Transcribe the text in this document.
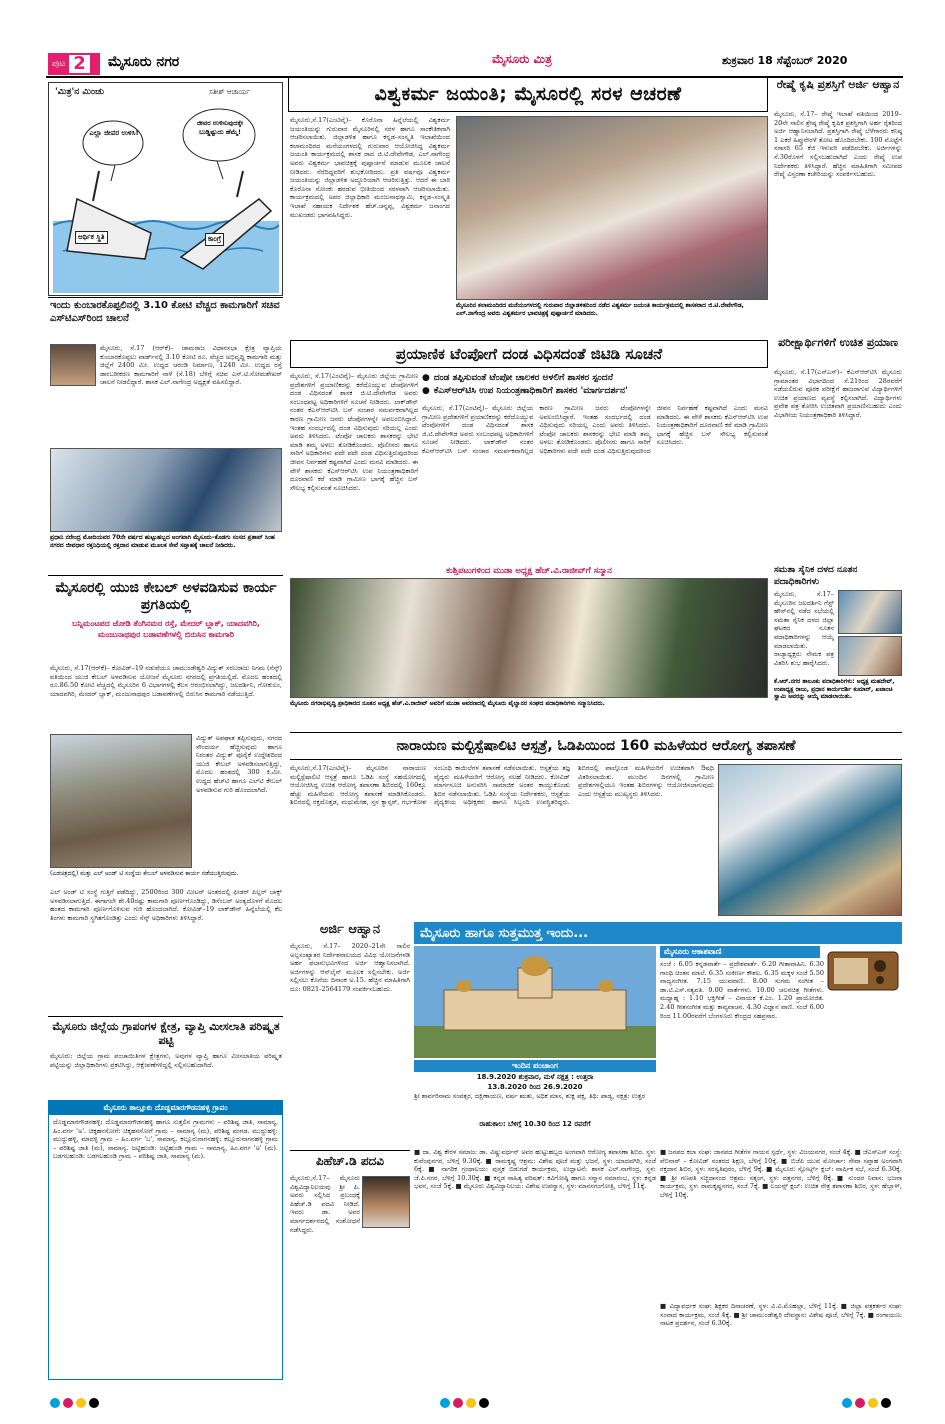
ಪುಟ 2 ಮೈಸೂರು ನಗರ	ಮೈಸೂರು ಮಿತ್ರ	ಶುಕ್ರವಾರ 18 ಸೆಪ್ಟೆಂಬರ್ 2020
'ಮಿತ್ರ'ನ ಮಿಂಚು	ಸತೀಶ್ ಆಚಾರ್ಯ
ಎಲ್ಲಾ ಜೀವರ ಉಳಿಸಿ!
ಜೀವರ ಉಳಿಸುವುದಕ್ಕೇ ಬುಡ್ಡಿಷ್ಟುದು ಹೆಮ್ಮೆ!
ಆರ್ಥಿಕ ಸ್ಥಿತಿ	ಕಾಂಗ್ರೆ
ವಿಶ್ವಕರ್ಮ ಜಯಂತಿ; ಮೈಸೂರಲ್ಲಿ ಸರಳ ಆಚರಣೆ
ಮೈಸೂರು,ಸೆ.17(ಎಂಟಿವೈ)– ಕೊರೊನಾ ಹಿನ್ನೆಲೆಯಲ್ಲಿ ವಿಶ್ವಕರ್ಮ ಜಯಂತಿಯನ್ನು ಗುರುವಾರ ಮೈಸೂರಿನಲ್ಲಿ ಸರಳ ಹಾಗೂ ಸಾಂಕೇತಿಕವಾಗಿ ಆಚರಿಸಲಾಯಿತು. ಜಿಲ್ಲಾಡಳಿತ ಹಾಗೂ ಕನ್ನಡ–ಸಂಸ್ಕೃತಿ ಇಲಾಖೆಯಿಂದ ಕಲಾಮಂದಿರದ ಮನೆಯಂಗಳದಲ್ಲಿ ಗುರುವಾರ ಆಯೋಜಿಸಿದ್ದ ವಿಶ್ವಕರ್ಮ ಜಯಂತಿ ಕಾರ್ಯಕ್ರಮದಲ್ಲಿ ಶಾಸಕ ರಾದ ಜಿ.ಟಿ.ದೇವೇಗೌಡ, ಎಲ್.ನಾಗೇಂದ್ರ ಅವರು ವಿಶ್ವಕರ್ಮ ಭಾವಚಿತ್ರಕ್ಕೆ ಪುಷ್ಪಾರ್ಚನೆ ಮಾಡುವ ಮೂಲಕ ಚಾಲನೆ ನೀಡಿದರು. ನೆರೆದಿದ್ದವರಿಗೆ ಶುಭಕೋರಿದರು. ಪ್ರತಿ ವರ್ಷವೂ ವಿಶ್ವಕರ್ಮ ಜಯಂತಿಯನ್ನು ಜಿಲ್ಲಾಡಳಿತ ಅದ್ಧೂರಿಯಾಗಿ ಆಚರಿಸುತ್ತಿತ್ತು. ಆದರೆ ಈ ಬಾರಿ ಕೊರೊನಾ ಸೋಂಕು ಹರಡುವ ಭೀತಿಯಿಂದ ಸರಳವಾಗಿ ಆಚರಿಸಲಾಯಿತು. ಕಾರ್ಯಕ್ರಮದಲ್ಲಿ ಅಪರ ಜಿಲ್ಲಾಧಿಕಾರಿ ಮಂಜುನಾಥಸ್ವಾಮಿ, ಕನ್ನಡ–ಸಂಸ್ಕೃತಿ ಇಲಾಖೆ ಸಹಾಯಕ ನಿರ್ದೇಶಕ ಹೆಚ್.ಚನ್ನಪ್ಪ, ವಿಶ್ವಕರ್ಮ ಜನಾಂಗದ ಮುಖಂಡರು ಭಾಗವಹಿಸಿದ್ದರು.
ಮೈಸೂರಿನ ಕಲಾಮಂದಿರದ ಮನೆಯಂಗಳದಲ್ಲಿ ಗುರುವಾರ ಜಿಲ್ಲಾಡಳಿತದಿಂದ ನಡೆದ ವಿಶ್ವಕರ್ಮ ಜಯಂತಿ ಕಾರ್ಯಕ್ರಮದಲ್ಲಿ ಶಾಸಕರಾದ ಜಿ.ಟಿ.ದೇವೇಗೌಡ, ಎಲ್.ನಾಗೇಂದ್ರ ಅವರು ವಿಶ್ವಕರ್ಮರ ಭಾವಚಿತ್ರಕ್ಕೆ ಪುಷ್ಪಾರ್ಚನೆ ಮಾಡಿದರು.
ರೇಷ್ಮೆ ಕೃಷಿ ಪ್ರಶಸ್ತಿಗೆ ಅರ್ಜಿ ಆಹ್ವಾನ
ಮೈಸೂರು, ಸೆ.17– ರೇಷ್ಮೆ ಇಲಾಖೆ ವತಿಯಿಂದ 2019–20ನೇ ಸಾಲಿನ ಶ್ರೇಷ್ಠ ರೇಷ್ಮೆ ಕೃಷಿಕ ಪ್ರಶಸ್ತಿಗಾಗಿ ಅರ್ಹ ರೈತರಿಂದ ಅರ್ಜಿ ಆಹ್ವಾನಿಸಲಾಗಿದೆ. ಪ್ರಶಸ್ತಿಗಾಗಿ ರೇಷ್ಮೆ ಬೆಳೆಗಾರರು ಕನಿಷ್ಠ 1 ಎಕರೆ ಹಿಪ್ಪುನೇರಳೆ ತೋಟ ಹೊಂದಿರಬೇಕು. 100 ಮೊಟ್ಟೆಗೆ ಸರಾಸರಿ 65 ಕೆಜಿ ಇಳುವರಿ ಪಡೆದಿರಬೇಕು. ಅರ್ಜಿಗಳನ್ನು ಸೆ.30ರೊಳಗೆ ಸಲ್ಲಿಸಬಹುದಾಗಿದೆ ಎಂದು ರೇಷ್ಮೆ ಉಪ ನಿರ್ದೇಶಕರು ತಿಳಿಸಿದ್ದಾರೆ. ಹೆಚ್ಚಿನ ಮಾಹಿತಿಗಾಗಿ ಸಮೀಪದ ರೇಷ್ಮೆ ವಿಸ್ತರಣಾ ಕಚೇರಿಯನ್ನು ಸಂಪರ್ಕಿಸಬಹುದು.
ಇಂದು ಕುಂಬಾರಕೊಪ್ಪಲಿನಲ್ಲಿ 3.10 ಕೋಟಿ ವೆಚ್ಚದ ಕಾಮಗಾರಿಗೆ ಸಚಿವ ಎಸ್‌ಟಿಎಸ್‌ರಿಂದ ಚಾಲನೆ
ಮೈಸೂರು, ಸೆ.17 (ಆರ್‌ಕೆ)– ಚಾಮರಾಜ ವಿಧಾನಸಭಾ ಕ್ಷೇತ್ರ ವ್ಯಾಪ್ತಿಯ ಕುಂಬಾರಕೊಪ್ಪಲು ವಾರ್ಡ್‌ನಲ್ಲಿ 3.10 ಕೋಟಿ ರೂ. ವೆಚ್ಚದ ಅಭಿವೃದ್ಧಿ ಕಾಮಗಾರಿ ಮತ್ತು ಜಿಲ್ಲೆಗೆ 2400 ಮೀ. ಉದ್ದದ ಚರಂಡಿ ನಿರ್ಮಾಣ, 1240 ಮೀ. ಉದ್ದದ ರಸ್ತೆ ಡಾಂಬರೀಕರಣ ಕಾಮಗಾರಿಗೆ ನಾಳೆ (ಸೆ.18) ಬೆಳಿಗ್ಗೆ ಸಚಿವ ಎಸ್.ಟಿ.ಸೋಮಶೇಖರ್ ಚಾಲನೆ ನೀಡಲಿದ್ದಾರೆ. ಶಾಸಕ ಎಲ್.ನಾಗೇಂದ್ರ ಅಧ್ಯಕ್ಷತೆ ವಹಿಸಲಿದ್ದಾರೆ.
ಪ್ರಧಾನಿ ನರೇಂದ್ರ ಮೋದಿಯವರ 70ನೇ ವರ್ಷದ ಹುಟ್ಟುಹಬ್ಬದ ಅಂಗವಾಗಿ ಮೈಸೂರು–ಕೊಡಗು ಸಂಸದ ಪ್ರತಾಪ್ ಸಿಂಹ ನಗರದ ಜೀವಧಾರ ರಕ್ತನಿಧಿಯಲ್ಲಿ ರಕ್ತದಾನ ಮಾಡುವ ಮೂಲಕ ಸೇವೆ ಸಪ್ತಾಹಕ್ಕೆ ಚಾಲನೆ ನೀಡಿದರು.
ಪ್ರಯಾಣಿಕ ಟೆಂಪೋಗೆ ದಂಡ ವಿಧಿಸದಂತೆ ಜಿಟಿಡಿ ಸೂಚನೆ
ಮೈಸೂರು, ಸೆ.17(ಎಂಟಿವೈ)– ಮೈಸೂರು ಜಿಲ್ಲೆಯ ಗ್ರಾಮೀಣ ಪ್ರದೇಶಗಳಿಗೆ ಪ್ರಯಾಣಿಕರನ್ನು ಕರೆದೊಯ್ಯುವ ಟೆಂಪೋಗಳಿಗೆ ದಂಡ ವಿಧಿಸದಂತೆ ಶಾಸಕ ಜಿ.ಟಿ.ದೇವೇಗೌಡ ಅವರು ಸಂಬಂಧಪಟ್ಟ ಅಧಿಕಾರಿಗಳಿಗೆ ಸೂಚನೆ ನೀಡಿದರು. ಲಾಕ್‌ಡೌನ್ ನಂತರ ಕೆಎಸ್‌ಆರ್‌ಟಿಸಿ ಬಸ್ ಸಂಚಾರ ಸಮರ್ಪಕವಾಗಿಲ್ಲದ ಕಾರಣ ಗ್ರಾಮೀಣ ಜನರು ಟೆಂಪೋಗಳನ್ನೇ ಅವಲಂಬಿಸಿದ್ದಾರೆ. ಇಂತಹ ಸಂದರ್ಭದಲ್ಲಿ ದಂಡ ವಿಧಿಸುವುದು ಸರಿಯಲ್ಲ ಎಂದು ಅವರು ತಿಳಿಸಿದರು. ಟೆಂಪೋ ಚಾಲಕರು ಶಾಸಕರನ್ನು ಭೇಟಿ ಮಾಡಿ ತಮ್ಮ ಅಳಲು ತೋಡಿಕೊಂಡರು. ಪೊಲೀಸರು ಹಾಗೂ ಸಾರಿಗೆ ಅಧಿಕಾರಿಗಳು ಪದೇ ಪದೇ ದಂಡ ವಿಧಿಸುತ್ತಿರುವುದರಿಂದ ಜೀವನ ನಿರ್ವಹಣೆ ಕಷ್ಟವಾಗಿದೆ ಎಂದು ಮನವಿ ಮಾಡಿದರು. ಈ ವೇಳೆ ಶಾಸಕರು ಕೆಎಸ್‌ಆರ್‌ಟಿಸಿ ಉಪ ನಿಯಂತ್ರಣಾಧಿಕಾರಿಗೆ ದೂರವಾಣಿ ಕರೆ ಮಾಡಿ ಗ್ರಾಮೀಣ ಭಾಗಕ್ಕೆ ಹೆಚ್ಚಿನ ಬಸ್ ಸೌಲಭ್ಯ ಕಲ್ಪಿಸುವಂತೆ ಸೂಚಿಸಿದರು.
● ದಂಡ ತಪ್ಪಿಸುವಂತೆ ಟೆಂಪೋ ಚಾಲಕರ ಅಳಲಿಗೆ ಶಾಸಕರ ಸ್ಪಂದನೆ
● ಕೆಎಸ್‌ಆರ್‌ಟಿಸಿ ಉಪ ನಿಯಂತ್ರಣಾಧಿಕಾರಿಗೆ ಶಾಸಕರ 'ಮಾರ್ಗದರ್ಶನ'
ಮೈಸೂರು, ಸೆ.17(ಎಂಟಿವೈ)– ಮೈಸೂರು ಜಿಲ್ಲೆಯ ಗ್ರಾಮೀಣ ಪ್ರದೇಶಗಳಿಗೆ ಪ್ರಯಾಣಿಕರನ್ನು ಕರೆದೊಯ್ಯುವ ಟೆಂಪೋಗಳಿಗೆ ದಂಡ ವಿಧಿಸದಂತೆ ಶಾಸಕ ಜಿ.ಟಿ.ದೇವೇಗೌಡ ಅವರು ಸಂಬಂಧಪಟ್ಟ ಅಧಿಕಾರಿಗಳಿಗೆ ಸೂಚನೆ ನೀಡಿದರು. ಲಾಕ್‌ಡೌನ್ ನಂತರ ಕೆಎಸ್‌ಆರ್‌ಟಿಸಿ ಬಸ್ ಸಂಚಾರ ಸಮರ್ಪಕವಾಗಿಲ್ಲದ ಕಾರಣ ಗ್ರಾಮೀಣ ಜನರು ಟೆಂಪೋಗಳನ್ನೇ ಅವಲಂಬಿಸಿದ್ದಾರೆ. ಇಂತಹ ಸಂದರ್ಭದಲ್ಲಿ ದಂಡ ವಿಧಿಸುವುದು ಸರಿಯಲ್ಲ ಎಂದು ಅವರು ತಿಳಿಸಿದರು. ಟೆಂಪೋ ಚಾಲಕರು ಶಾಸಕರನ್ನು ಭೇಟಿ ಮಾಡಿ ತಮ್ಮ ಅಳಲು ತೋಡಿಕೊಂಡರು. ಪೊಲೀಸರು ಹಾಗೂ ಸಾರಿಗೆ ಅಧಿಕಾರಿಗಳು ಪದೇ ಪದೇ ದಂಡ ವಿಧಿಸುತ್ತಿರುವುದರಿಂದ ಜೀವನ ನಿರ್ವಹಣೆ ಕಷ್ಟವಾಗಿದೆ ಎಂದು ಮನವಿ ಮಾಡಿದರು. ಈ ವೇಳೆ ಶಾಸಕರು ಕೆಎಸ್‌ಆರ್‌ಟಿಸಿ ಉಪ ನಿಯಂತ್ರಣಾಧಿಕಾರಿಗೆ ದೂರವಾಣಿ ಕರೆ ಮಾಡಿ ಗ್ರಾಮೀಣ ಭಾಗಕ್ಕೆ ಹೆಚ್ಚಿನ ಬಸ್ ಸೌಲಭ್ಯ ಕಲ್ಪಿಸುವಂತೆ ಸೂಚಿಸಿದರು.
ಪರೀಕ್ಷಾರ್ಥಿಗಳಿಗೆ ಉಚಿತ ಪ್ರಯಾಣ
ಮೈಸೂರು, ಸೆ.17(ಎಸ್‌ಎಸ್)– ಕೆಎಸ್‌ಆರ್‌ಟಿಸಿ ಮೈಸೂರು ಗ್ರಾಮಾಂತರ ವಿಭಾಗದಿಂದ ಸೆ.21ರಿಂದ 28ರವರೆಗೆ ನಡೆಯಲಿರುವ ಪೂರಕ ಪರೀಕ್ಷೆಗೆ ಹಾಜರಾಗುವ ವಿದ್ಯಾರ್ಥಿಗಳಿಗೆ ಉಚಿತ ಪ್ರಯಾಣದ ವ್ಯವಸ್ಥೆ ಕಲ್ಪಿಸಲಾಗಿದೆ. ವಿದ್ಯಾರ್ಥಿಗಳು ಪ್ರವೇಶ ಪತ್ರ ತೋರಿಸಿ ಉಚಿತವಾಗಿ ಪ್ರಯಾಣಿಸಬಹುದು ಎಂದು ವಿಭಾಗೀಯ ನಿಯಂತ್ರಣಾಧಿಕಾರಿ ತಿಳಿಸಿದ್ದಾರೆ.
ಮೈಸೂರಲ್ಲಿ ಯುಜಿ ಕೇಬಲ್ ಅಳವಡಿಸುವ ಕಾರ್ಯ ಪ್ರಗತಿಯಲ್ಲಿ
ಬನ್ನಿಮಂಟಪದ ಜೋಡಿ ತೆಂಗಿನಮರ ರಸ್ತೆ, ಮೇದರ್ ಬ್ಲಾಕ್, ಯಾದವಗಿರಿ, ಮಂಜುನಾಥಪುರ ಬಡಾವಣೆಗಳಲ್ಲಿ ಬಿರುಸಿನ ಕಾಮಗಾರಿ
ಮೈಸೂರು, ಸೆ.17(ಆರ್‌ಕೆ)– ಕೋವಿಡ್–19 ನಡುವೆಯೂ ಚಾಮುಂಡೇಶ್ವರಿ ವಿದ್ಯುತ್ ಸರಬರಾಜು ನಿಗಮ (ಸೆಸ್ಕ್) ವತಿಯಿಂದ ಯುಜಿ ಕೇಬಲ್ ಅಳವಡಿಸುವ ಯೋಜನೆ ಮೈಸೂರು ನಗರದಲ್ಲಿ ಪ್ರಗತಿಯಲ್ಲಿದೆ. ಮೊದಲ ಹಂತದಲ್ಲಿ ರೂ.86.50 ಕೋಟಿ ವೆಚ್ಚದಲ್ಲಿ ಮೈಸೂರಿನ 6 ವಿಭಾಗಗಳಲ್ಲಿ ಕೆಲಸ ಆರಂಭಿಸಲಾಗಿದ್ದು, ಜಲದರ್ಶಿನಿ, ಗೋಕುಲಂ, ಯಾದವಗಿರಿ, ಮೇದರ್ ಬ್ಲಾಕ್, ಮಂಜುನಾಥಪುರ ಬಡಾವಣೆಗಳಲ್ಲಿ ಬಿರುಸಿನ ಕಾಮಗಾರಿ ನಡೆಯುತ್ತಿದೆ.
ವಿದ್ಯುತ್ ಅಪಘಾತ ತಪ್ಪಿಸುವುದು, ನಗರದ ಸೌಂದರ್ಯ ಹೆಚ್ಚಿಸುವುದು ಹಾಗೂ ನಿರಂತರ ವಿದ್ಯುತ್ ಪೂರೈಕೆ ಉದ್ದೇಶದಿಂದ ಯುಜಿ ಕೇಬಲ್ ಅಳವಡಿಸಲಾಗುತ್ತಿದ್ದು, ಮೊದಲ ಹಂತದಲ್ಲಿ 300 ಕಿ.ಮೀ. ಉದ್ದದ ಹೆಚ್‌ಟಿ ಹಾಗೂ ಎಲ್‌ಟಿ ಕೇಬಲ್ ಅಳವಡಿಸುವ ಗುರಿ ಹೊಂದಲಾಗಿದೆ.
(ಎಡಚಿತ್ರದಲ್ಲಿ) ಮತ್ತು ಎಲ್ ಅಂಡ್ ಟಿ ಸಂಸ್ಥೆಯ ಕೇಬಲ್ ಅಳವಡಿಸುವ ಕಾರ್ಯ ನಡೆಯುತ್ತಿರುವುದು.
ಎಲ್ ಅಂಡ್ ಟಿ ಸಂಸ್ಥೆ ಗುತ್ತಿಗೆ ಪಡೆದಿದ್ದು, 2500ರಿಂದ 300 ಮೀಟರ್ ಅಂತರದಲ್ಲಿ ಫೀಡರ್ ಪಿಲ್ಲರ್ ಬಾಕ್ಸ್ ಅಳವಡಿಸಲಾಗುತ್ತಿದೆ. ಈಗಾಗಲೇ ಶೇ.40ರಷ್ಟು ಕಾಮಗಾರಿ ಪೂರ್ಣಗೊಂಡಿದ್ದು, ಡಿಸೆಂಬರ್ ಅಂತ್ಯದೊಳಗೆ ಮೊದಲ ಹಂತದ ಕಾಮಗಾರಿ ಪೂರ್ಣಗೊಳಿಸುವ ಗುರಿ ಹೊಂದಲಾಗಿದೆ. ಕೋವಿಡ್–19 ಲಾಕ್‌ಡೌನ್ ಹಿನ್ನೆಲೆಯಲ್ಲಿ ಕೆಲ ತಿಂಗಳು ಕಾಮಗಾರಿ ಸ್ಥಗಿತಗೊಂಡಿತ್ತು ಎಂದು ಸೆಸ್ಕ್ ಅಧಿಕಾರಿಗಳು ತಿಳಿಸಿದ್ದಾರೆ.
ಕುಶ್ತಿಪಟುಗಳಿಂದ ಮುಡಾ ಅಧ್ಯಕ್ಷ ಹೆಚ್.ವಿ.ರಾಜೀವ್‌ಗೆ ಸನ್ಮಾನ
ಮೈಸೂರು ನಗರಾಭಿವೃದ್ಧಿ ಪ್ರಾಧಿಕಾರದ ನೂತನ ಅಧ್ಯಕ್ಷ ಹೆಚ್.ವಿ.ರಾಜೀವ್ ಅವರಿಗೆ ಮುಡಾ ಆವರಣದಲ್ಲಿ ಮೈಸೂರು ಪೈಲ್ವಾನರ ಸಂಘದ ಪದಾಧಿಕಾರಿಗಳು ಸನ್ಮಾನಿಸಿದರು.
ಸಮತಾ ಸೈನಿಕ ದಳದ ನೂತನ ಪದಾಧಿಕಾರಿಗಳು
ಮೈಸೂರು, ಸೆ.17– ಮೈಸೂರಿನ ಜಲದರ್ಶಿನಿ ಗೆಸ್ಟ್ ಹೌಸ್‌ನಲ್ಲಿ ನಡೆದ ಸಭೆಯಲ್ಲಿ ಸಮತಾ ಸೈನಿಕ ದಳದ ಜಿಲ್ಲಾ ಘಟಕದ ನೂತನ ಪದಾಧಿಕಾರಿಗಳನ್ನು ಆಯ್ಕೆ ಮಾಡಲಾಯಿತು. ರಾಜ್ಯಾಧ್ಯಕ್ಷರು ನೇಮಕ ಪತ್ರ ವಿತರಿಸಿ ಶುಭ ಹಾರೈಸಿದರು.
ಕೆ.ಆರ್.ನಗರ ತಾಲೂಕು ಪದಾಧಿಕಾರಿಗಳು: ಅಧ್ಯಕ್ಷ ಮಹದೇವ್, ಉಪಾಧ್ಯಕ್ಷ ರಾಜು, ಪ್ರಧಾನ ಕಾರ್ಯದರ್ಶಿ ಕುಮಾರ್, ಖಜಾಂಚಿ ಸ್ವಾಮಿ ಅವರನ್ನು ಆಯ್ಕೆ ಮಾಡಲಾಯಿತು.
ನಾರಾಯಣ ಮಲ್ಟಿಸ್ಪೆಷಾಲಿಟಿ ಆಸ್ಪತ್ರೆ, ಓಡಿಪಿಯಿಂದ 160 ಮಹಿಳೆಯರ ಆರೋಗ್ಯ ತಪಾಸಣೆ
ಮೈಸೂರು,ಸೆ.17(ಎಂಟಿವೈ)– ಮೈಸೂರಿನ ನಾರಾಯಣ ಮಲ್ಟಿಸ್ಪೆಷಾಲಿಟಿ ಆಸ್ಪತ್ರೆ ಹಾಗೂ ಓಡಿಪಿ ಸಂಸ್ಥೆ ಸಹಯೋಗದಲ್ಲಿ ಆಯೋಜಿಸಿದ್ದ ಉಚಿತ ಆರೋಗ್ಯ ತಪಾಸಣಾ ಶಿಬಿರದಲ್ಲಿ 160ಕ್ಕೂ ಹೆಚ್ಚು ಮಹಿಳೆಯರು ಆರೋಗ್ಯ ತಪಾಸಣೆ ಮಾಡಿಸಿಕೊಂಡರು. ಶಿಬಿರದಲ್ಲಿ ರಕ್ತದೊತ್ತಡ, ಮಧುಮೇಹ, ಸ್ತನ ಕ್ಯಾನ್ಸರ್, ಗರ್ಭಕೋಶ ಸಂಬಂಧಿ ಕಾಯಿಲೆಗಳ ತಪಾಸಣೆ ನಡೆಸಲಾಯಿತು. ಆಸ್ಪತ್ರೆಯ ತಜ್ಞ ವೈದ್ಯರು ಮಹಿಳೆಯರಿಗೆ ಆರೋಗ್ಯ ಸಲಹೆ ನೀಡಿದರು. ಕೋವಿಡ್ ಮಾರ್ಗಸೂಚಿ ಅನುಸರಿಸಿ ಸಾಮಾಜಿಕ ಅಂತರ ಕಾಯ್ದುಕೊಂಡು ಶಿಬಿರ ನಡೆಸಲಾಯಿತು. ಓಡಿಪಿ ಸಂಸ್ಥೆಯ ನಿರ್ದೇಶಕರು, ಆಸ್ಪತ್ರೆಯ ವೈದ್ಯಕೀಯ ಅಧೀಕ್ಷಕರು ಹಾಗೂ ಸಿಬ್ಬಂದಿ ಉಪಸ್ಥಿತರಿದ್ದರು. ಶಿಬಿರದಲ್ಲಿ ಪಾಲ್ಗೊಂಡ ಮಹಿಳೆಯರಿಗೆ ಉಚಿತವಾಗಿ ಔಷಧಿ ವಿತರಿಸಲಾಯಿತು. ಮುಂದಿನ ದಿನಗಳಲ್ಲಿ ಗ್ರಾಮೀಣ ಪ್ರದೇಶಗಳಲ್ಲಿಯೂ ಇಂತಹ ಶಿಬಿರಗಳನ್ನು ಆಯೋಜಿಸಲಾಗುವುದು ಎಂದು ಆಸ್ಪತ್ರೆಯ ಮುಖ್ಯಸ್ಥರು ತಿಳಿಸಿದರು.
ಅರ್ಜಿ ಆಹ್ವಾನ
ಮೈಸೂರು, ಸೆ.17– 2020–21ನೇ ಸಾಲಿನ ಅಲ್ಪಸಂಖ್ಯಾತರ ನಿರ್ದೇಶನಾಲಯದ ವಿವಿಧ ಯೋಜನೆಗಳಡಿ ಅರ್ಹ ಫಲಾನುಭವಿಗಳಿಂದ ಅರ್ಜಿ ಆಹ್ವಾನಿಸಲಾಗಿದೆ. ಅರ್ಜಿಗಳನ್ನು ಆನ್‌ಲೈನ್ ಮೂಲಕ ಸಲ್ಲಿಸಬೇಕು. ಅರ್ಜಿ ಸಲ್ಲಿಸಲು ಕೊನೆಯ ದಿನಾಂಕ ಅ.15. ಹೆಚ್ಚಿನ ಮಾಹಿತಿಗಾಗಿ ದೂ: 0821-2564179 ಸಂಪರ್ಕಿಸಬಹುದು.
ಪಿಹೆಚ್.ಡಿ ಪದವಿ
ಮೈಸೂರು,ಸೆ.17– ಮೈಸೂರು ವಿಶ್ವವಿದ್ಯಾನಿಲಯವು ಶ್ರೀ ಪಿ. ಅವರು ಸಲ್ಲಿಸಿದ ಪ್ರಬಂಧಕ್ಕೆ ಪಿಹೆಚ್.ಡಿ ಪದವಿ ನೀಡಿದೆ. ಇವರು ಡಾ. ಅವರ ಮಾರ್ಗದರ್ಶನದಲ್ಲಿ ಸಂಶೋಧನೆ ನಡೆಸಿದ್ದರು.
ಮೈಸೂರು ಜಿಲ್ಲೆಯ ಗ್ರಾಪಂಗಳ ಕ್ಷೇತ್ರ, ವ್ಯಾಪ್ತಿ ಮೀಸಲಾತಿ ಪರಿಷ್ಕೃತ ಪಟ್ಟಿ
ಮೈಸೂರು: ಜಿಲ್ಲೆಯ ಗ್ರಾಮ ಪಂಚಾಯಿತಿಗಳ ಕ್ಷೇತ್ರಗಳು, ಅವುಗಳ ವ್ಯಾಪ್ತಿ ಹಾಗೂ ಮೀಸಲಾತಿಯ ಪರಿಷ್ಕೃತ ಪಟ್ಟಿಯನ್ನು ಜಿಲ್ಲಾಧಿಕಾರಿಗಳು ಪ್ರಕಟಿಸಿದ್ದು, ಆಕ್ಷೇಪಣೆಗಳಿದ್ದಲ್ಲಿ ಸಲ್ಲಿಸಬಹುದಾಗಿದೆ.
ಮೈಸೂರು ತಾಲ್ಲೂಕು ದೊಡ್ಡಮಾರಗೌಡನಹಳ್ಳಿ ಗ್ರಾಪಂ
ದೊಡ್ಡಮಾರಗೌಡನಹಳ್ಳಿ: ದೊಡ್ಡಮಾರಗೌಡನಹಳ್ಳಿ ಹಾಗೂ ಸುತ್ತಲಿನ ಗ್ರಾಮಗಳು – ಪರಿಶಿಷ್ಟ ಜಾತಿ, ಸಾಮಾನ್ಯ, ಹಿಂ.ವರ್ಗ 'ಅ'. ಚಿಕ್ಕಹನಸೋಗೆ: ಚಿಕ್ಕಹನಸೋಗೆ ಗ್ರಾಮ – ಸಾಮಾನ್ಯ (ಮ), ಪರಿಶಿಷ್ಟ ಪಂಗಡ. ಮುದ್ದುಹಳ್ಳಿ: ಮುದ್ದುಹಳ್ಳಿ, ಮಾದಳ್ಳಿ ಗ್ರಾಮ – ಹಿಂ.ವರ್ಗ 'ಬ', ಸಾಮಾನ್ಯ. ಕಲ್ಲೂರುನಾಗನಹಳ್ಳಿ: ಕಲ್ಲೂರುನಾಗನಹಳ್ಳಿ ಗ್ರಾಮ – ಪರಿಶಿಷ್ಟ ಜಾತಿ (ಮ), ಸಾಮಾನ್ಯ. ಜಟ್ಟಿಹುಂಡಿ: ಜಟ್ಟಿಹುಂಡಿ ಗ್ರಾಮ – ಸಾಮಾನ್ಯ, ಹಿಂ.ವರ್ಗ 'ಅ' (ಮ). ಬಡಗಲಹುಂಡಿ: ಬಡಗಲಹುಂಡಿ ಗ್ರಾಮ – ಪರಿಶಿಷ್ಟ ಜಾತಿ, ಸಾಮಾನ್ಯ (ಮ).
ಮೈಸೂರು ಹಾಗೂ ಸುತ್ತಮುತ್ತ ಇಂದು...
ಇಂದಿನ ಪಂಚಾಂಗ
18.9.2020 ಶುಕ್ರವಾರ, ಮಳೆ ನಕ್ಷತ್ರ : ಉತ್ತರಾ
13.8.2020 ರಿಂದ 26.9.2020
ಶ್ರೀ ಶಾರ್ವರಿನಾಮ ಸಂವತ್ಸರ, ದಕ್ಷಿಣಾಯಣ, ವರ್ಷ ಋತು, ಅಧಿಕ ಮಾಸ, ಶುಕ್ಲ ಪಕ್ಷ, ತಿಥಿ: ಪಾಡ್ಯ, ನಕ್ಷತ್ರ: ಉತ್ತರ
ರಾಹುಕಾಲ: ಬೆಳಿಗ್ಗೆ 10.30 ರಿಂದ 12 ರವರೆಗೆ
ಮೈಸೂರು ಆಕಾಶವಾಣಿ
ಸಂಜೆ : 6.05 ಕನ್ನಡವಾರ್ತೆ – ಪ್ರದೇಶವಾರ್ತೆ. 6.20 ಗೀತಾವಾಹಿನಿ. 6.30 ಗಾಂಧಿ ಚಿಂತನ ಮಾಲೆ. 6.35 ಸಂಕೀರ್ಣ ಕೌಶಲ. 6.35 ಮಕ್ಕಳ ಸಂಜೆ 5.50 ವಾದ್ಯಸಂಗೀತ. 7.15 ಯುವವಾಣಿ. 8.00 ಸುಗಮ ಸಂಗೀತ – ಡಾ.ಟಿ.ಎಸ್.ಸತ್ಯವತಿ. 9.00 ವಾರ್ತೆಗಳು. 10.00 ಚಲನಚಿತ್ರ ಗೀತೆಗಳು. ಮಧ್ಯಾಹ್ನ : 1.10 ಭಕ್ತಿಗೀತೆ – ವಿನಾಯಕ ಕೆ.ಎಂ. 1.20 ಪ್ರಾಯೋಜಿತ. 2.40 ಗೀತಸಂಗೀತ ಮತ್ತು ಕಾವ್ಯವಾಚನ. 4.30 ವಿಜ್ಞಾನ ವಾಣಿ. ಸಂಜೆ 6.00 ರಿಂದ 11.00ರವರೆಗೆ ಬೆಂಗಳೂರು ಕೇಂದ್ರದ ಸಹಪ್ರಸಾರ.
■ ದಾ. ವಿಶ್ವ ಕೇರಳ ಸಮಾಜ: ಡಾ. ವಿಷ್ಣುವರ್ಧನ್ ಅವರ ಹುಟ್ಟುಹಬ್ಬದ ಅಂಗವಾಗಿ ಆರೋಗ್ಯ ತಪಾಸಣಾ ಶಿಬಿರ. ಸ್ಥಳ: ಕುವೆಂಪುನಗರ, ಬೆಳಿಗ್ಗೆ 9.30ಕ್ಕೆ. ■ ರಾಮಕೃಷ್ಣ ಆಶ್ರಮ: ವಿಶೇಷ ಪೂಜೆ ಮತ್ತು ಭಜನೆ, ಸ್ಥಳ: ಯಾದವಗಿರಿ, ಸಂಜೆ 6ಕ್ಕೆ. ■ ನಾಗರಿಕ ಗ್ರಂಥಾಲಯ: ಪುಸ್ತಕ ಬಿಡುಗಡೆ ಕಾರ್ಯಕ್ರಮ, ಉದ್ಘಾಟನೆ: ಶಾಸಕ ಎಲ್.ನಾಗೇಂದ್ರ, ಸ್ಥಳ: ಜೆ.ಪಿ.ನಗರ, ಬೆಳಿಗ್ಗೆ 10.30ಕ್ಕೆ. ■ ಕನ್ನಡ ಸಾಹಿತ್ಯ ಪರಿಷತ್: ಕವಿಗೋಷ್ಠಿ ಹಾಗೂ ಸನ್ಮಾನ ಸಮಾರಂಭ, ಸ್ಥಳ: ಕನ್ನಡ ಭವನ, ಸಂಜೆ 5ಕ್ಕೆ. ■ ಮೈಸೂರು ವಿಶ್ವವಿದ್ಯಾನಿಲಯ: ವಿಶೇಷ ಉಪನ್ಯಾಸ, ಸ್ಥಳ: ಮಾನಸಗಂಗೋತ್ರಿ, ಬೆಳಿಗ್ಗೆ 11ಕ್ಕೆ.
■ ಜನಪದ ಕಲಾ ಸಂಘ: ಜಾನಪದ ಗೀತೆಗಳ ಗಾಯನ ಸ್ಪರ್ಧೆ, ಸ್ಥಳ: ವಿಜಯನಗರ, ಸಂಜೆ 4ಕ್ಕೆ. ■ ಜೆಎಸ್‌ಎಸ್ ಸಂಸ್ಥೆ: ವೆಬಿನಾರ್ – ಕೋವಿಡ್ ನಂತರದ ಶಿಕ್ಷಣ, ಬೆಳಿಗ್ಗೆ 10ಕ್ಕೆ. ■ ಬಿಜೆಪಿ ಯುವ ಮೋರ್ಚಾ: ಸೇವಾ ಸಪ್ತಾಹ ಅಂಗವಾಗಿ ರಕ್ತದಾನ ಶಿಬಿರ, ಸ್ಥಳ: ಸರಸ್ವತಿಪುರಂ, ಬೆಳಿಗ್ಗೆ 9ಕ್ಕೆ. ■ ಮೈಸೂರು ಸ್ಪೋರ್ಟ್ಸ್ ಕ್ಲಬ್: ವಾರ್ಷಿಕ ಸಭೆ, ಸಂಜೆ 6.30ಕ್ಕೆ. ■ ಶ್ರೀ ಗಣಪತಿ ಸಚ್ಚಿದಾನಂದ ಆಶ್ರಮ: ಸತ್ಸಂಗ, ಸ್ಥಳ: ದತ್ತನಗರ, ಬೆಳಿಗ್ಗೆ 8ಕ್ಕೆ. ■ ಸುಂದರ ನಿವಾಸ: ಭಜನಾ ಕಾರ್ಯಕ್ರಮ, ಸ್ಥಳ: ರಾಮಕೃಷ್ಣನಗರ, ಸಂಜೆ 7ಕ್ಕೆ. ■ ಲಯನ್ಸ್ ಕ್ಲಬ್: ಉಚಿತ ನೇತ್ರ ತಪಾಸಣಾ ಶಿಬಿರ, ಸ್ಥಳ: ಹೆಬ್ಬಾಳ್, ಬೆಳಿಗ್ಗೆ 10ಕ್ಕೆ.
■ ವಿದ್ಯಾವರ್ಧಕ ಸಂಘ: ಶಿಕ್ಷಕರ ದಿನಾಚರಣೆ, ಸ್ಥಳ: ವಿ.ವಿ.ಮೊಹಲ್ಲಾ, ಬೆಳಿಗ್ಗೆ 11ಕ್ಕೆ. ■ ಜಿಲ್ಲಾ ಪತ್ರಕರ್ತರ ಸಂಘ: ಸಂವಾದ ಕಾರ್ಯಕ್ರಮ, ಸಂಜೆ 4ಕ್ಕೆ. ■ ಶ್ರೀ ಚಾಮುಂಡೇಶ್ವರಿ ದೇವಸ್ಥಾನ: ವಿಶೇಷ ಪೂಜೆ, ಬೆಳಿಗ್ಗೆ 7ಕ್ಕೆ. ■ ರಂಗಾಯಣ: ನಾಟಕ ಪ್ರದರ್ಶನ, ಸಂಜೆ 6.30ಕ್ಕೆ.
